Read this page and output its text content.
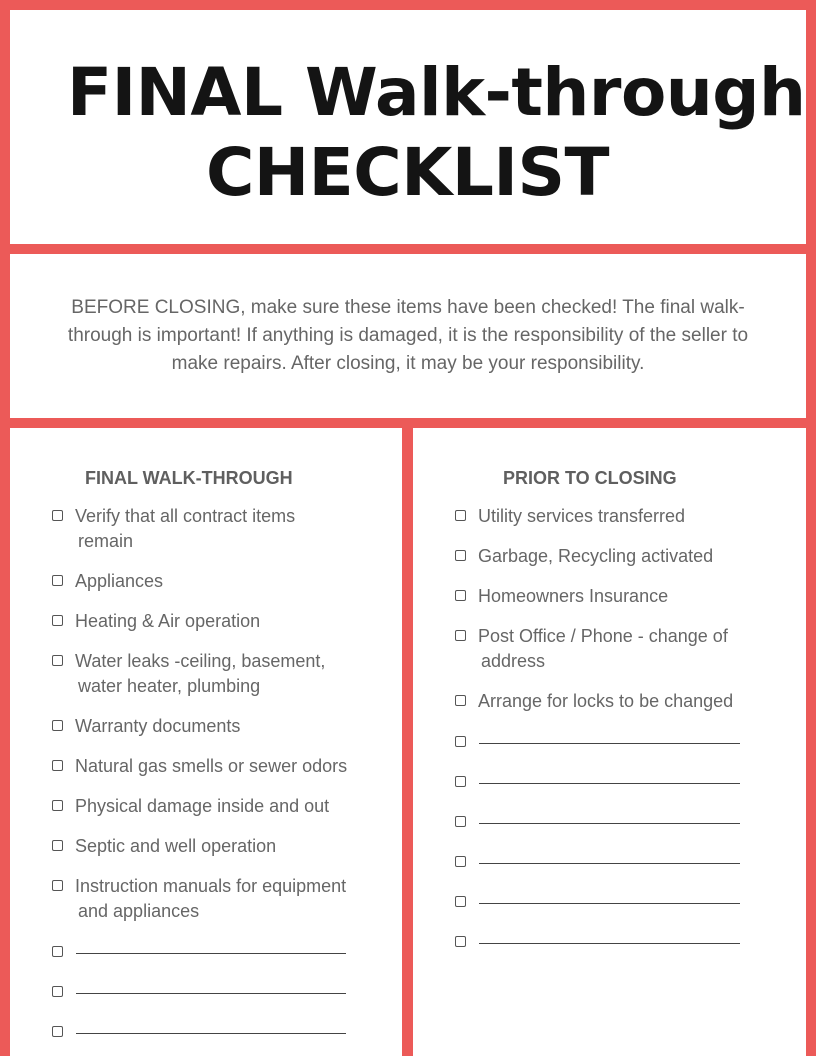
FINAL Walk-through
CHECKLIST
BEFORE CLOSING, make sure these items have been checked! The final walk-through is important! If anything is damaged, it is the responsibility of the seller to make repairs. After closing, it may be your responsibility.
FINAL WALK-THROUGH
Verify that all contract items
remain
Appliances
Heating & Air operation
Water leaks -ceiling, basement,
water heater, plumbing
Warranty documents
Natural gas smells or sewer odors
Physical damage inside and out
Septic and well operation
Instruction manuals for equipment
and appliances
PRIOR TO CLOSING
Utility services transferred
Garbage, Recycling activated
Homeowners Insurance
Post Office / Phone - change of
address
Arrange for locks to be changed
